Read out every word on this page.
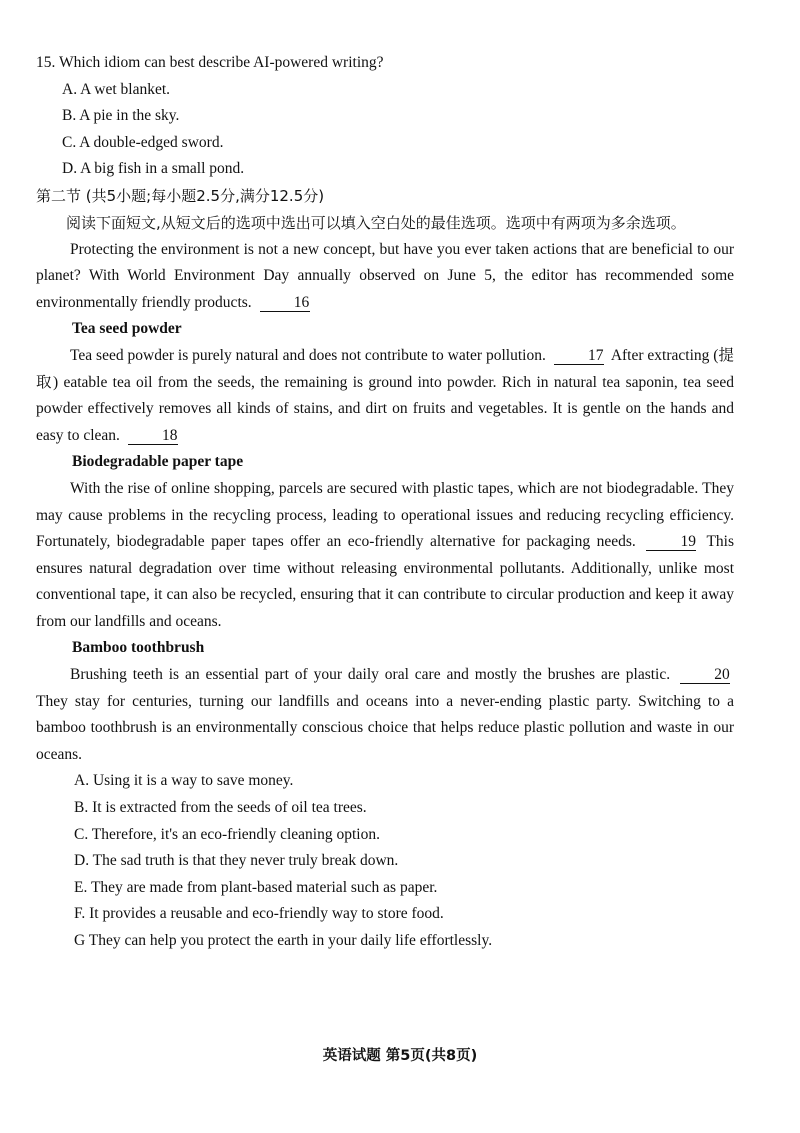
15. Which idiom can best describe AI-powered writing?
A. A wet blanket.
B. A pie in the sky.
C. A double-edged sword.
D. A big fish in a small pond.
第二节 (共5小题;每小题2.5分,满分12.5分)

阅读下面短文,从短文后的选项中选出可以填入空白处的最佳选项。选项中有两项为多余选项。

Protecting the environment is not a new concept, but have you ever taken actions that are beneficial to our planet? With World Environment Day annually observed on June 5, the editor has recommended some environmentally friendly products.	16

Tea seed powder

Tea seed powder is purely natural and does not contribute to water pollution.	17 After extracting (提取) eatable tea oil from the seeds, the remaining is ground into powder. Rich in natural tea saponin, tea seed powder effectively removes all kinds of stains, and dirt on fruits and vegetables. It is gentle on the hands and easy to clean.	18

Biodegradable paper tape

With the rise of online shopping, parcels are secured with plastic tapes, which are not biodegradable. They may cause problems in the recycling process, leading to operational issues and reducing recycling efficiency. Fortunately, biodegradable paper tapes offer an eco-friendly alternative for packaging needs.	19 This ensures natural degradation over time without releasing environmental pollutants. Additionally, unlike most conventional tape, it can also be recycled, ensuring that it can contribute to circular production and keep it away from our landfills and oceans.

Bamboo toothbrush

Brushing teeth is an essential part of your daily oral care and mostly the brushes are plastic.	20 They stay for centuries, turning our landfills and oceans into a never-ending plastic party. Switching to a bamboo toothbrush is an environmentally conscious choice that helps reduce plastic pollution and waste in our oceans.

A. Using it is a way to save money.
B. It is extracted from the seeds of oil tea trees.
C. Therefore, it's an eco-friendly cleaning option.
D. The sad truth is that they never truly break down.
E. They are made from plant-based material such as paper.
F. It provides a reusable and eco-friendly way to store food.
G They can help you protect the earth in your daily life effortlessly.
英语试题 第5页(共8页)
